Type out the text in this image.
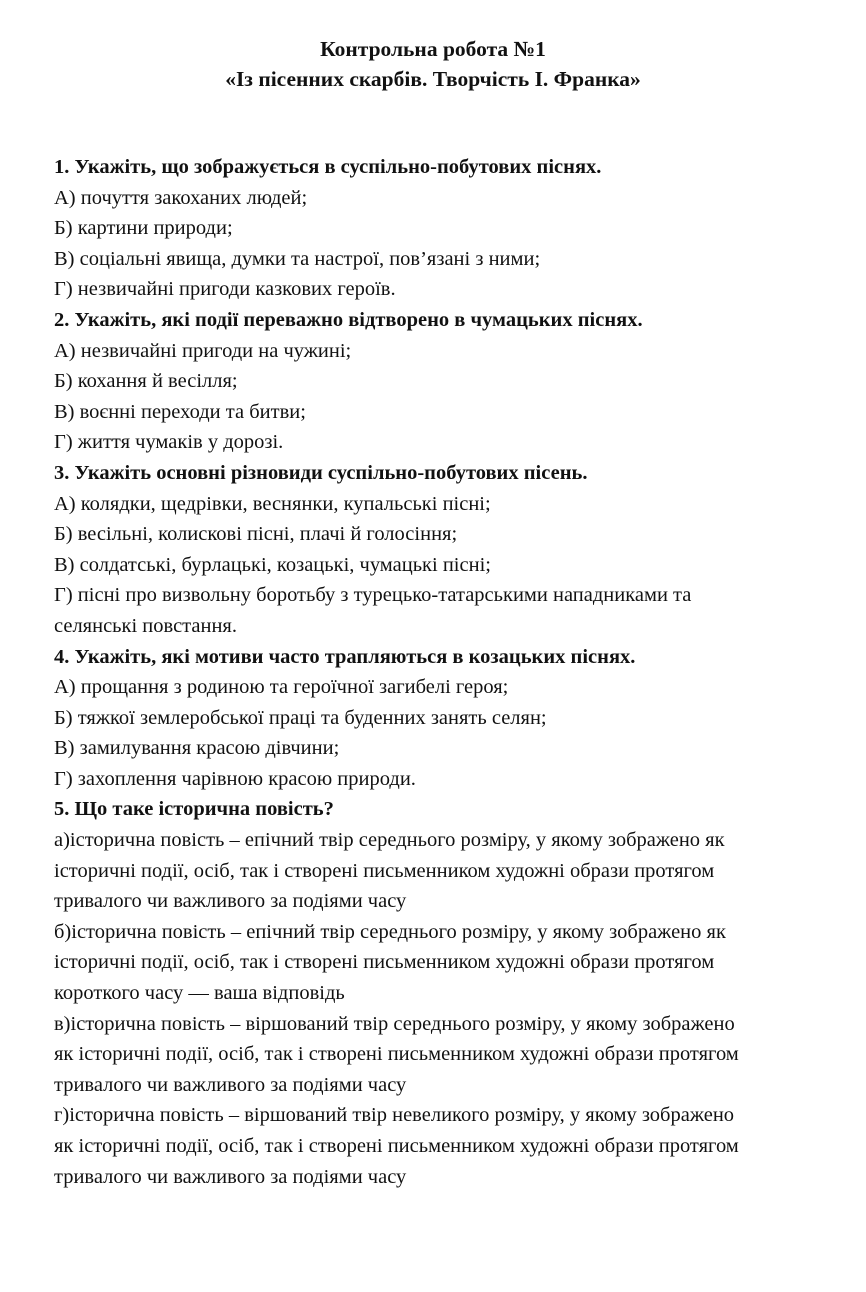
Контрольна робота №1
«Із пісенних скарбів. Творчість І. Франка»
1. Укажіть, що зображується в суспільно-побутових піснях.
А) почуття закоханих людей;
Б) картини природи;
В) соціальні явища, думки та настрої, пов’язані з ними;
Г) незвичайні пригоди казкових героїв.
2. Укажіть, які події переважно відтворено в чумацьких піснях.
А) незвичайні пригоди на чужині;
Б) кохання й весілля;
В) воєнні переходи та битви;
Г) життя чумаків у дорозі.
3. Укажіть основні різновиди суспільно-побутових пісень.
А) колядки, щедрівки, веснянки, купальські пісні;
Б) весільні, колискові пісні, плачі й голосіння;
В) солдатські, бурлацькі, козацькі, чумацькі пісні;
Г) пісні про визвольну боротьбу з турецько-татарськими нападниками та
селянські повстання.
4. Укажіть, які мотиви часто трапляються в козацьких піснях.
А) прощання з родиною та героїчної загибелі героя;
Б) тяжкої землеробської праці та буденних занять селян;
В) замилування красою дівчини;
Г) захоплення чарівною красою природи.
5. Що таке історична повість?
а)історична повість – епічний твір середнього розміру, у якому зображено як
історичні події, осіб, так і створені письменником художні образи протягом
тривалого чи важливого за подіями часу
б)історична повість – епічний твір середнього розміру, у якому зображено як
історичні події, осіб, так і створені письменником художні образи протягом
короткого часу — ваша відповідь
в)історична повість – віршований твір середнього розміру, у якому зображено
як історичні події, осіб, так і створені письменником художні образи протягом
тривалого чи важливого за подіями часу
г)історична повість – віршований твір невеликого розміру, у якому зображено
як історичні події, осіб, так і створені письменником художні образи протягом
тривалого чи важливого за подіями часу
